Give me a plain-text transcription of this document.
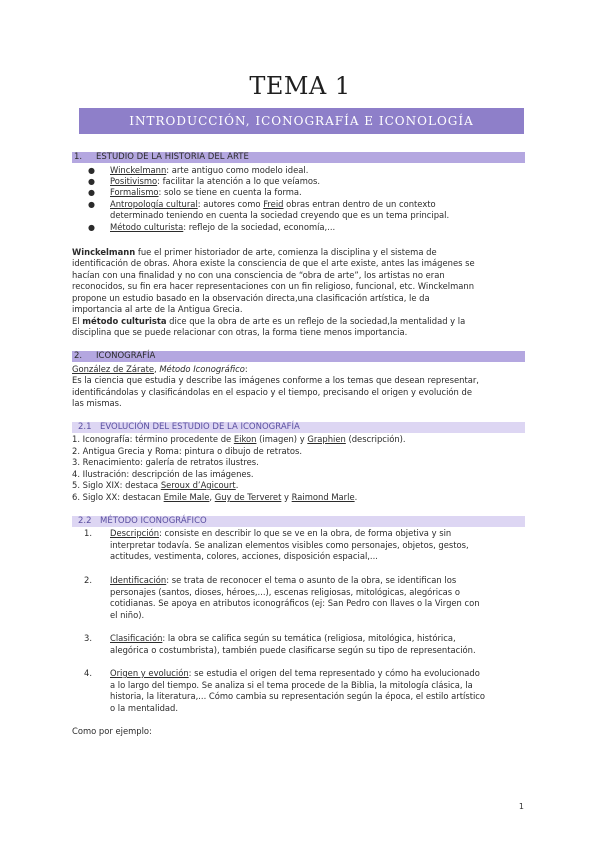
TEMA 1
INTRODUCCIÓN, ICONOGRAFÍA E ICONOLOGÍA
1. ESTUDIO DE LA HISTORIA DEL ARTE
● Winckelmann: arte antiguo como modelo ideal.
● Positivismo: facilitar la atención a lo que veíamos.
● Formalismo: solo se tiene en cuenta la forma.
● Antropología cultural: autores como Freid obras entran dentro de un contexto
determinado teniendo en cuenta la sociedad creyendo que es un tema principal.
● Método culturista: reflejo de la sociedad, economía,...
Winckelmann fue el primer historiador de arte, comienza la disciplina y el sistema de
identificación de obras. Ahora existe la consciencia de que el arte existe, antes las imágenes se
hacían con una finalidad y no con una consciencia de “obra de arte”, los artistas no eran
reconocidos, su fin era hacer representaciones con un fin religioso, funcional, etc. Winckelmann
propone un estudio basado en la observación directa,una clasificación artística, le da
importancia al arte de la Antigua Grecia.
El método culturista dice que la obra de arte es un reflejo de la sociedad,la mentalidad y la
disciplina que se puede relacionar con otras, la forma tiene menos importancia.
2. ICONOGRAFÍA
González de Zárate, Método Iconográfico:
Es la ciencia que estudia y describe las imágenes conforme a los temas que desean representar,
identificándolas y clasificándolas en el espacio y el tiempo, precisando el origen y evolución de
las mismas.
2.1 EVOLUCIÓN DEL ESTUDIO DE LA ICONOGRAFÍA
1. Iconografía: término procedente de Eikon (imagen) y Graphien (descripción).
2. Antigua Grecia y Roma: pintura o dibujo de retratos.
3. Renacimiento: galería de retratos ilustres.
4. Ilustración: descripción de las imágenes.
5. Siglo XIX: destaca Seroux d’Agicourt.
6. Siglo XX: destacan Emile Male, Guy de Terveret y Raimond Marle.
2.2 MÉTODO ICONOGRÁFICO
1. Descripción: consiste en describir lo que se ve en la obra, de forma objetiva y sin
interpretar todavía. Se analizan elementos visibles como personajes, objetos, gestos,
actitudes, vestimenta, colores, acciones, disposición espacial,...
2. Identificación: se trata de reconocer el tema o asunto de la obra, se identifican los
personajes (santos, dioses, héroes,...), escenas religiosas, mitológicas, alegóricas o
cotidianas. Se apoya en atributos iconográficos (ej: San Pedro con llaves o la Virgen con
el niño).
3. Clasificación: la obra se califica según su temática (religiosa, mitológica, histórica,
alegórica o costumbrista), también puede clasificarse según su tipo de representación.
4. Origen y evolución: se estudia el origen del tema representado y cómo ha evolucionado
a lo largo del tiempo. Se analiza si el tema procede de la Biblia, la mitología clásica, la
historia, la literatura,... Cómo cambia su representación según la época, el estilo artístico
o la mentalidad.
Como por ejemplo:
1
